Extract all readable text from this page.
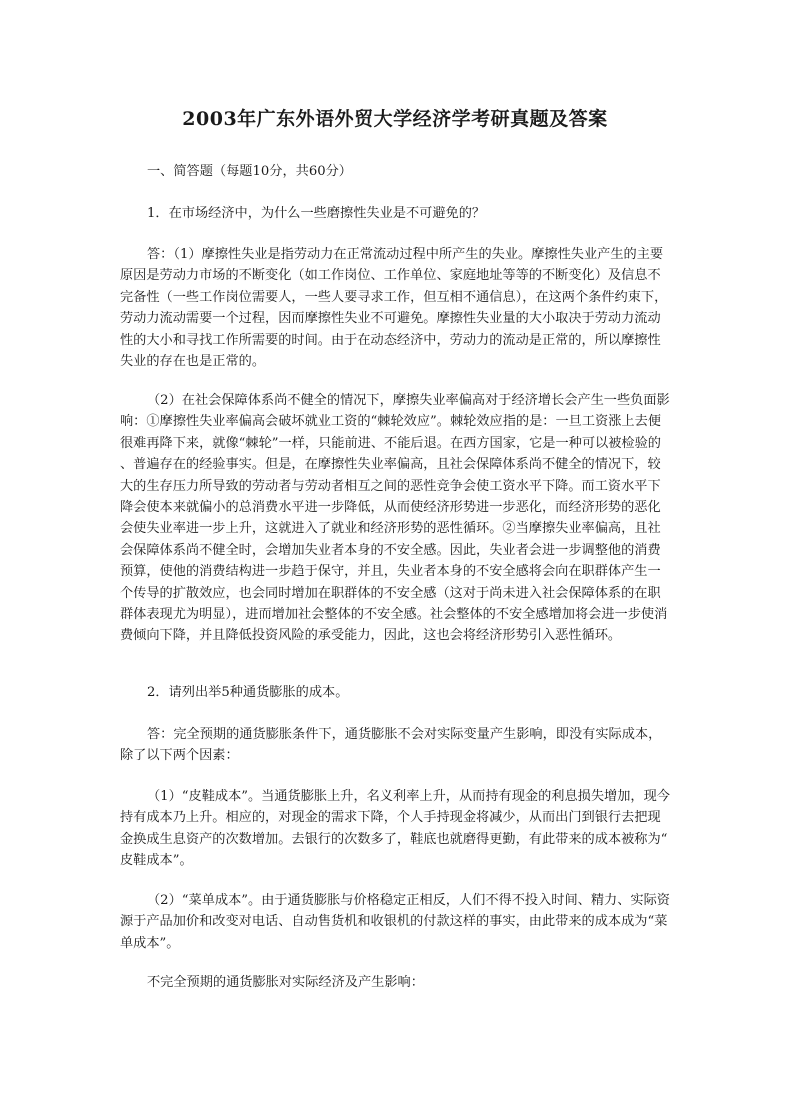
2003年广东外语外贸大学经济学考研真题及答案

一、简答题（每题10分，共60分）

1．在市场经济中，为什么一些磨擦性失业是不可避免的？

答：（1）摩擦性失业是指劳动力在正常流动过程中所产生的失业。摩擦性失业产生的主要原因是劳动力市场的不断变化（如工作岗位、工作单位、家庭地址等等的不断变化）及信息不完备性（一些工作岗位需要人，一些人要寻求工作，但互相不通信息），在这两个条件约束下，劳动力流动需要一个过程，因而摩擦性失业不可避免。摩擦性失业量的大小取决于劳动力流动性的大小和寻找工作所需要的时间。由于在动态经济中，劳动力的流动是正常的，所以摩擦性失业的存在也是正常的。

（2）在社会保障体系尚不健全的情况下，摩擦失业率偏高对于经济增长会产生一些负面影响：①摩擦性失业率偏高会破坏就业工资的“棘轮效应”。棘轮效应指的是：一旦工资涨上去便很难再降下来，就像“棘轮”一样，只能前进、不能后退。在西方国家，它是一种可以被检验的、普遍存在的经验事实。但是，在摩擦性失业率偏高，且社会保障体系尚不健全的情况下，较大的生存压力所导致的劳动者与劳动者相互之间的恶性竞争会使工资水平下降。而工资水平下降会使本来就偏小的总消费水平进一步降低，从而使经济形势进一步恶化，而经济形势的恶化会使失业率进一步上升，这就进入了就业和经济形势的恶性循环。②当摩擦失业率偏高，且社会保障体系尚不健全时，会增加失业者本身的不安全感。因此，失业者会进一步调整他的消费预算，使他的消费结构进一步趋于保守，并且，失业者本身的不安全感将会向在职群体产生一个传导的扩散效应，也会同时增加在职群体的不安全感（这对于尚未进入社会保障体系的在职群体表现尤为明显），进而增加社会整体的不安全感。社会整体的不安全感增加将会进一步使消费倾向下降，并且降低投资风险的承受能力，因此，这也会将经济形势引入恶性循环。

2．请列出举5种通货膨胀的成本。

答：完全预期的通货膨胀条件下，通货膨胀不会对实际变量产生影响，即没有实际成本，除了以下两个因素：

（1）“皮鞋成本”。当通货膨胀上升，名义利率上升，从而持有现金的利息损失增加，现今持有成本乃上升。相应的，对现金的需求下降，个人手持现金将减少，从而出门到银行去把现金换成生息资产的次数增加。去银行的次数多了，鞋底也就磨得更勤，有此带来的成本被称为“皮鞋成本”。

（2）“菜单成本”。由于通货膨胀与价格稳定正相反，人们不得不投入时间、精力、实际资源于产品加价和改变对电话、自动售货机和收银机的付款这样的事实，由此带来的成本成为“菜单成本”。

不完全预期的通货膨胀对实际经济及产生影响：
